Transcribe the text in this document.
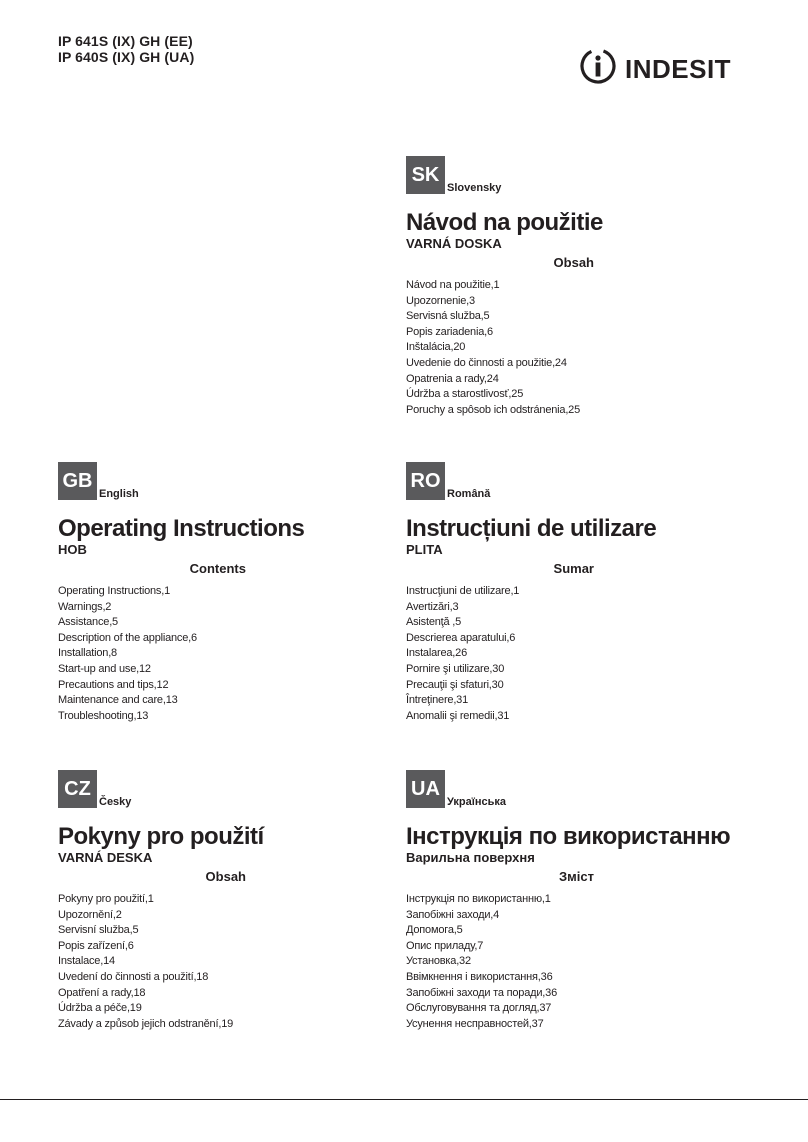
IP 641S (IX) GH (EE)
IP 640S (IX) GH (UA)	INDESIT
SK
Slovensky
Návod na použitie
VARNÁ DOSKA
Obsah
Návod na použitie,1
Upozornenie,3
Servisná služba,5
Popis zariadenia,6
Inštalácia,20
Uvedenie do činnosti a použitie,24
Opatrenia a rady,24
Údržba a starostlivosť,25
Poruchy a spôsob ich odstránenia,25
GB
English
Operating Instructions
HOB
Contents
Operating Instructions,1
Warnings,2
Assistance,5
Description of the appliance,6
Installation,8
Start-up and use,12
Precautions and tips,12
Maintenance and care,13
Troubleshooting,13
RO
Română
Instrucțiuni de utilizare
PLITA
Sumar
Instrucţiuni de utilizare,1
Avertizări,3
Asistenţă ,5
Descrierea aparatului,6
Instalarea,26
Pornire şi utilizare,30
Precauţii şi sfaturi,30
Întreţinere,31
Anomalii şi remedii,31
CZ
Česky
Pokyny pro použití
VARNÁ DESKA
Obsah
Pokyny pro použití,1
Upozornění,2
Servisní služba,5
Popis zařízení,6
Instalace,14
Uvedení do činnosti a použití,18
Opatření a rady,18
Údržba a péče,19
Závady a způsob jejich odstranění,19
UA
Українська
Інструкція по використанню
Варильна поверхня
Зміст
Інструкція по використанню,1
Запобіжні заходи,4
Допомога,5
Опис приладу,7
Установка,32
Ввімкнення і використання,36
Запобіжні заходи та поради,36
Обслуговування та догляд,37
Усунення несправностей,37
